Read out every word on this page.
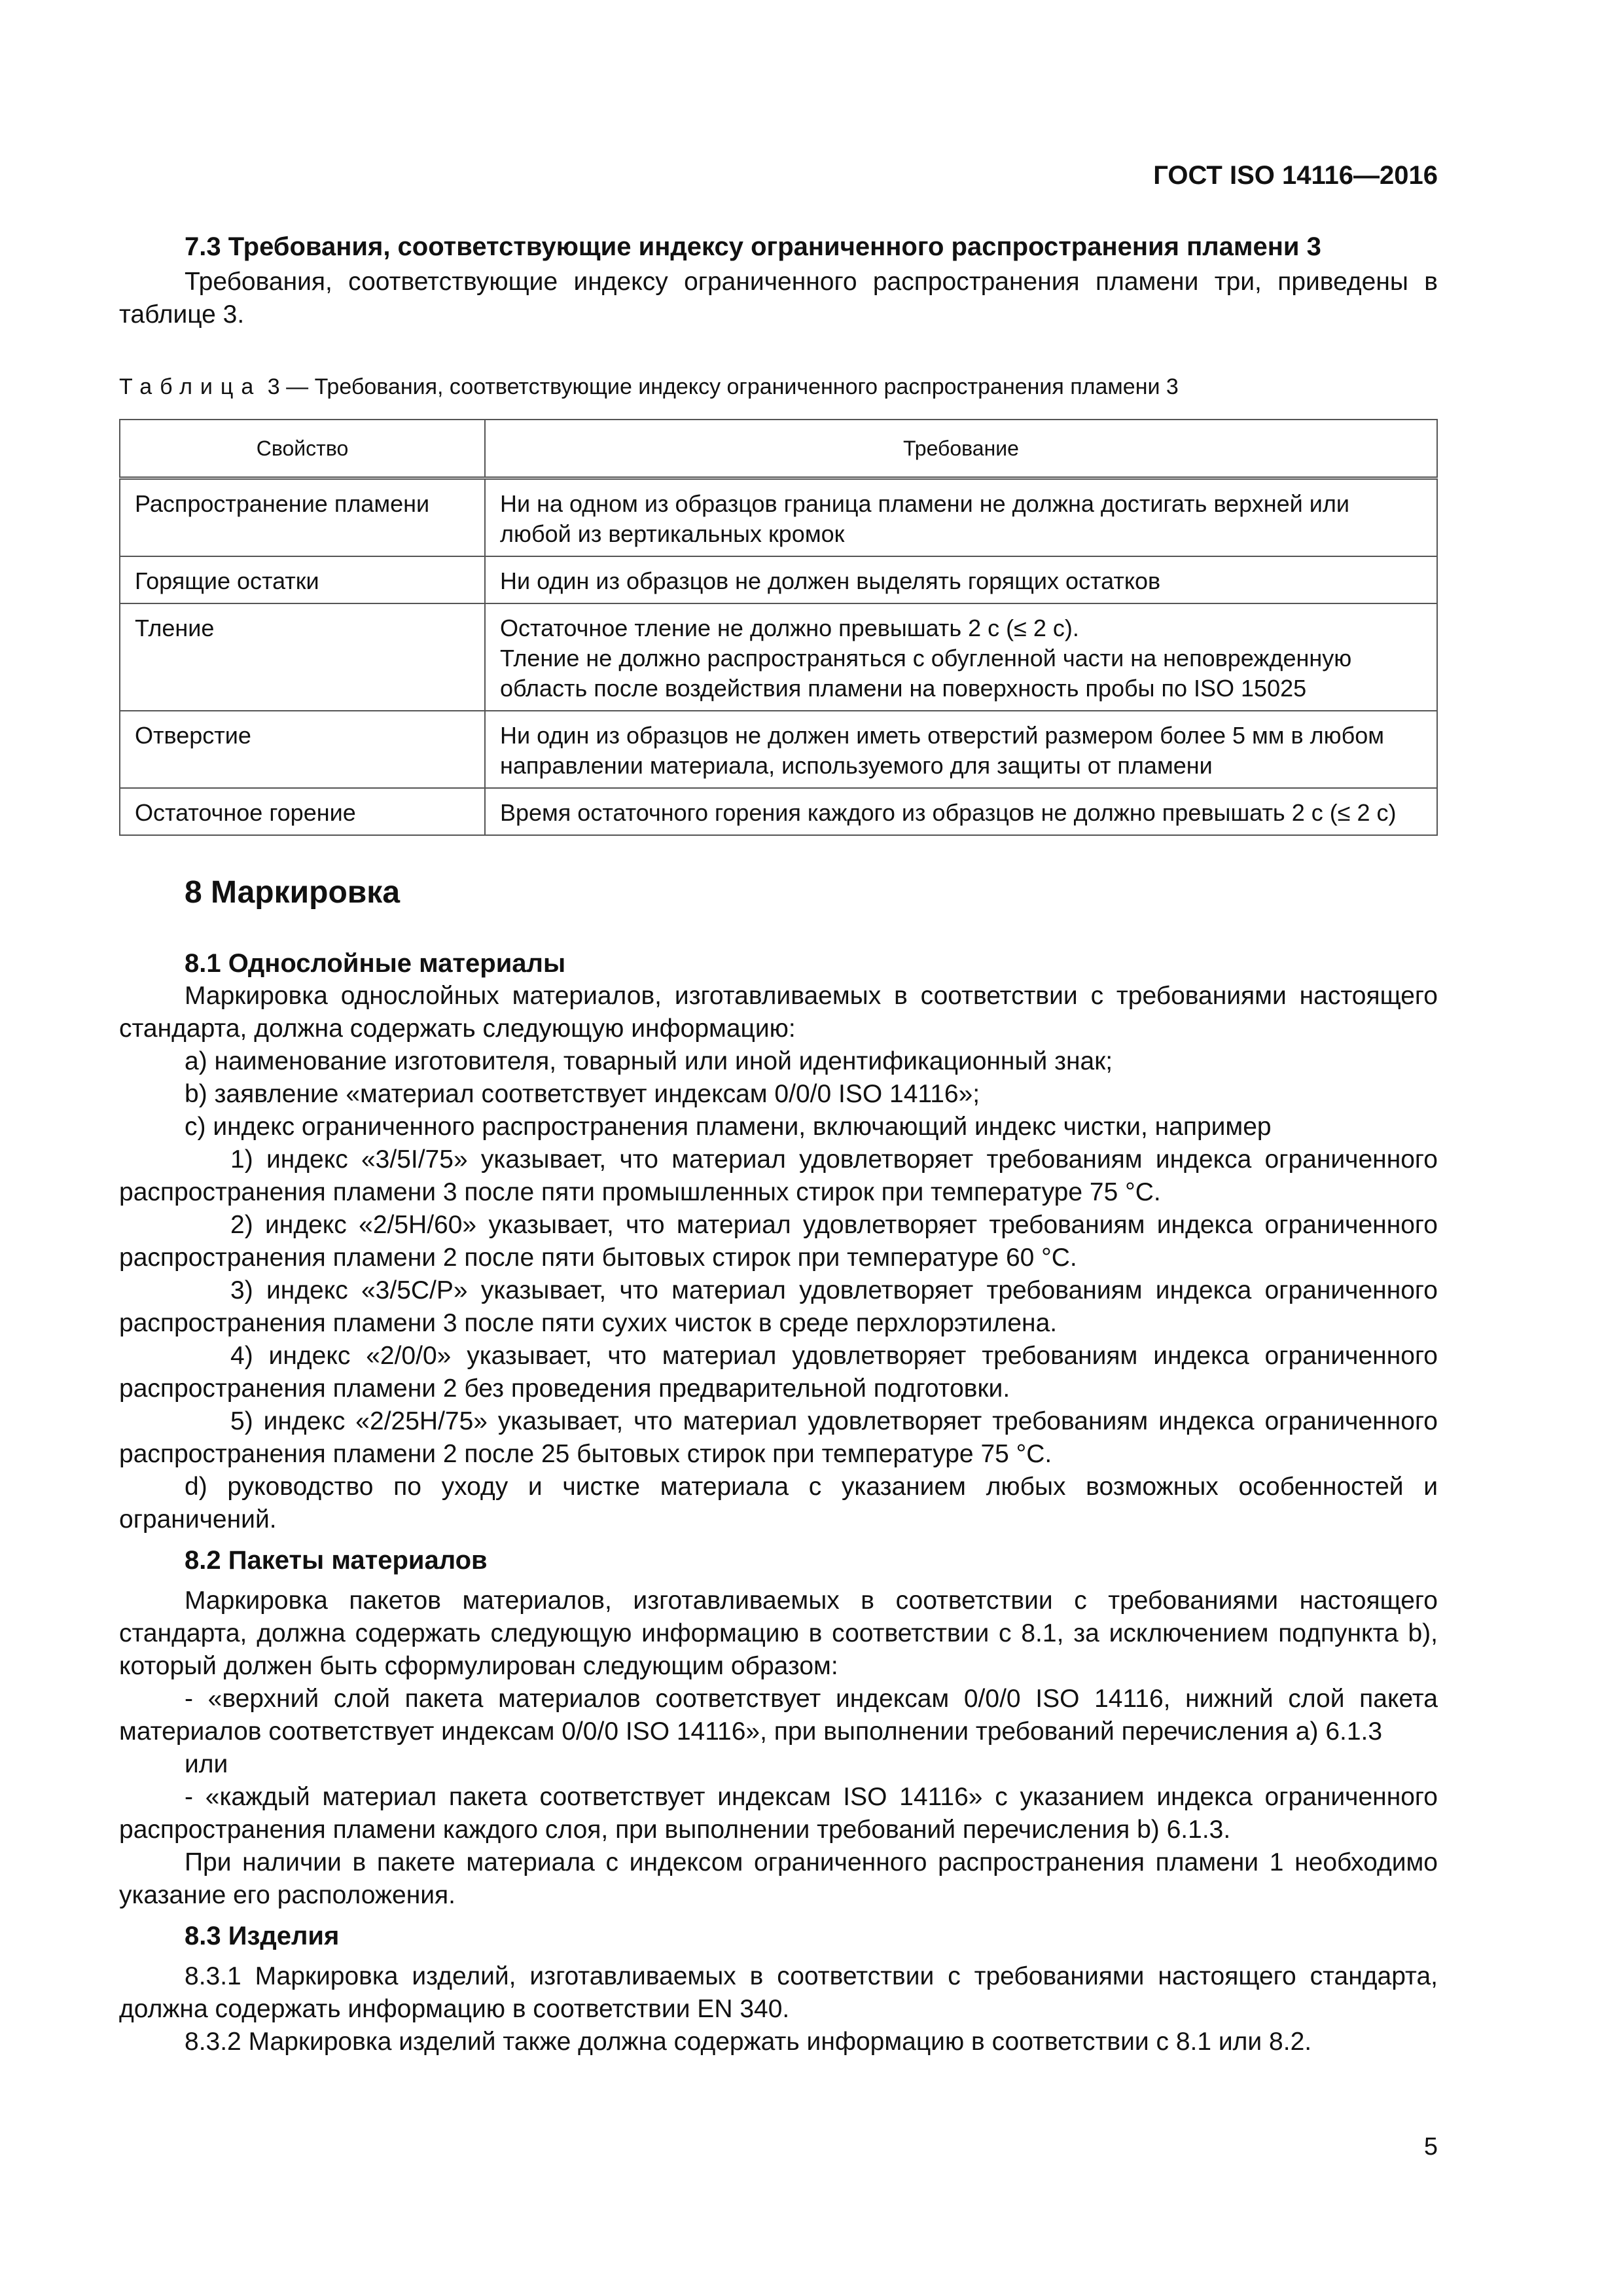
ГОСТ ISO 14116—2016
7.3 Требования, соответствующие индексу ограниченного распространения пламени 3

Требования, соответствующие индексу ограниченного распространения пламени три, приведены в таблице 3.

Таблица 3 — Требования, соответствующие индексу ограниченного распространения пламени 3

Свойство	Требование
Распространение пламени	Ни на одном из образцов граница пламени не должна достигать верхней или любой из вертикальных кромок
Горящие остатки	Ни один из образцов не должен выделять горящих остатков
Тление	Остаточное тление не должно превышать 2 с (≤ 2 с).
Тление не должно распространяться с обугленной части на неповрежденную область после воздействия пламени на поверхность пробы по ISO 15025

Отверстие	Ни один из образцов не должен иметь отверстий размером более 5 мм в любом направлении материала, используемого для защиты от пламени
Остаточное горение	Время остаточного горения каждого из образцов не должно превышать 2 с (≤ 2 с)
8 Маркировка
8.1 Однослойные материалы

Маркировка однослойных материалов, изготавливаемых в соответствии с требованиями настоящего стандарта, должна содержать следующую информацию:

a) наименование изготовителя, товарный или иной идентификационный знак;

b) заявление «материал соответствует индексам 0/0/0 ISO 14116»;

c) индекс ограниченного распространения пламени, включающий индекс чистки, например

1) индекс «3/5I/75» указывает, что материал удовлетворяет требованиям индекса ограниченного распространения пламени 3 после пяти промышленных стирок при температуре 75 °С.

2) индекс «2/5H/60» указывает, что материал удовлетворяет требованиям индекса ограниченного распространения пламени 2 после пяти бытовых стирок при температуре 60 °С.

3) индекс «3/5C/P» указывает, что материал удовлетворяет требованиям индекса ограниченного распространения пламени 3 после пяти сухих чисток в среде перхлорэтилена.

4) индекс «2/0/0» указывает, что материал удовлетворяет требованиям индекса ограниченного распространения пламени 2 без проведения предварительной подготовки.

5) индекс «2/25H/75» указывает, что материал удовлетворяет требованиям индекса ограниченного распространения пламени 2 после 25 бытовых стирок при температуре 75 °С.

d) руководство по уходу и чистке материала с указанием любых возможных особенностей и ограничений.

8.2 Пакеты материалов

Маркировка пакетов материалов, изготавливаемых в соответствии с требованиями настоящего стандарта, должна содержать следующую информацию в соответствии с 8.1, за исключением подпункта b), который должен быть сформулирован следующим образом:

- «верхний слой пакета материалов соответствует индексам 0/0/0 ISO 14116, нижний слой пакета материалов соответствует индексам 0/0/0 ISO 14116», при выполнении требований перечисления а) 6.1.3

или

- «каждый материал пакета соответствует индексам ISO 14116» с указанием индекса ограниченного распространения пламени каждого слоя, при выполнении требований перечисления b) 6.1.3.

При наличии в пакете материала с индексом ограниченного распространения пламени 1 необходимо указание его расположения.

8.3 Изделия

8.3.1 Маркировка изделий, изготавливаемых в соответствии с требованиями настоящего стандарта, должна содержать информацию в соответствии EN 340.

8.3.2 Маркировка изделий также должна содержать информацию в соответствии с 8.1 или 8.2.

5
